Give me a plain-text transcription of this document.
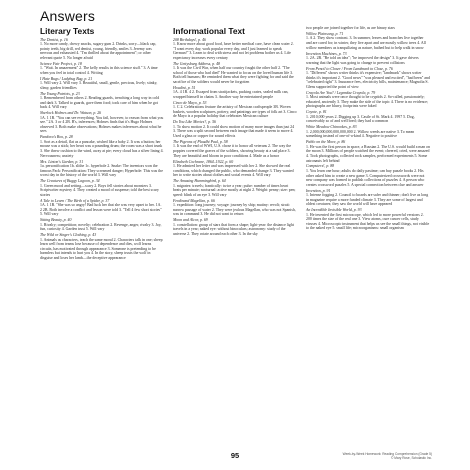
Answers
Literary Texts
The Dentist, p. 16
1. No more candy, chewy snacks, sugary gum 2. Drinks, sorry—black cap, pointy teeth, big drill, red dentist, young, friendly, smiles 3. Jeremy was nervous and exhausted 4. "I'm thrilled about the appointment"; or other relevant quote 5. No longer afraid
Science Fair Project, p. 18
1. "Wait. In amazement" 2. The kelly results in this science stuff." 3. A time when you feel in total control 4. Writing
I Hate Bugs / Ladybug Bug, p. 21
1. Will vary 2. Will vary 3. Beautiful, small, gentle, precious, lively; stinky, slimy, garden friendlies
The Young Patriots, p. 23
1. Remembered from others 2. Reading guards, trenching a long way in cold and dark 3. Talked to guards, gave them food; took care of him when he got back 4. Will vary
Sherlock Holmes and Dr. Watson, p. 26
1A. 1 1B. "You can see everything. You fail, however, to reason from what you see." 2A. 3 or 4 2B. B's, inferences; Holmes finds that it's Hugo Holmes observed 3. Both make observations; Holmes makes inferences about what he sees
Pandora's Box, p. 28
1. Sort as a detail, flat as a pancake, wished like a baby 2. It was a button; her mouse was a stick; her heart was a pounding drum; the room was a short trunk 3. She threw cushion to the wind, away at pie; every cloud has a silver lining 4. Nervousness; anxiety
Mrs. Linton's Garden, p. 31
1a. personification 1b. slithe 1c. hyperbole 2. Snake: The inventors won the famous Pack: Personification: They screamed danger; Hyperbole: This was the worst day in the history of the world 3. Will vary
The Creatures of Buggy Lagoon, p. 34
1. Green mood and setting—scary 2. Boys fell stories about monsters 3. Scriptwriter mystery 4. They created a mood of suspense; told the best scary stories
A Tale to Learn / The Birth of a Spider, p. 37
1A. 1 1B. "She was so angry! Bad luck her that she was very upset to her. 1A. 2 2B. Both involve a conflict and lesson were told 3. "Tell 4 few short stories" 5. Will vary
Sitting Beauty, p. 40
1. Rivalry; competition; novelty; celebration 2. Revenge, anger, rivalry 3. Joy, fun, curiosity 4. Garden trust 5. Will vary
The Wild or Singer's Clothing, p. 43
1. Animals as characters, teach the same moral 2. Characters talk in one; sheep learn well from teams lose because of dependence and dies, wolf learns circuits, has motivated through appearance 3. Someone is pretending to be harmless but intends to hurt you 4. In the story, sheep trusts the wolf in disguise and loses her lamb—the deceptive appearance
Informational Text
208 Birthdays!, p. 46
1. Know more about good food, have better medical care, have clean water 2. "I want every day, work popular every day, and I just learned to speak German!" 3. Learn to deal with stress and not let problems bother us 4. Life expectancy increases every century
The Gettysburg Address, p. 48
1. It was the Civil War, when half our country fought the other half 2. "The school of those who had died" He wanted to focus on the loved human life 3. Both tell humans; He reminded them what they were fighting for and said the sacrifice of the soldiers would never be forgotten
Houdini, p. 51
1A. 4 1B. 4 2. Escaped from straitjackets, packing crates, sealed milk can, wrapped himself in chains 3. Another way he entertained people
Cinco de Mayo, p. 53
1. C 2. Celebrations feature the artistry of Mexican craftspeople 3B. Woven baskets, wooden sculptures, pottery, and paintings are types of folk art 3. Cinco de Mayo is a popular holiday that celebrates Mexican culture
Do You Like Movies?, p. 56
1. To show motion 2. It could show motion of many more images than just 24 3. There was a split second between each image that made it seem to move 4. Used a glass or copper for sound effects
The Pigeons of Plaudhi Paul, p. 58
1. It was the end of WWI, U.S. chose it to honor all veterans 2. The way the poppies covered the graves of the soldiers, showing beauty at a sad place 3. They are beautiful and bloom in poor conditions 4. Made as a honor
Elizabeth Cochrane, 1864–1922, p. 60
1. He admired her letter and was impressed with her 2. She showed the real conditions, which changed the public, who demanded change 3. They wanted her to write stories about clothes and social events 4. Will vary
The Amazing Hummingbird, p. 64
1. migrates: travels; frantically: twice a year; pulse: number of times heart beats per minute; nocturnal: active mostly at night 2. Weight: penny; size: pen; speed: blink of an eye 3. Will vary
Ferdinand Magellan, p. 66
1. expedition: long journey; voyage: journey by ship; mutiny: revolt; strait: narrow passage of water 2. They were jealous Magellan, who was not Spanish, was in command 3. He did not want to return
Moon and Alcor, p. 69
1. constellation: group of stars that form a shape; light-year: the distance light travels in a year; naked eye: without binoculars; astronomy: study of the universe 2. They rotate around each other 3. In the sky
two people are joined together for life, as are binary stars
Willow Plainsong, p. 71
1. A 2. They show contrast. 3. In summer, leaves and branches live together and are cared for; in winter, they live apart and are mostly willow trees 4. All willow members as tranquilizing as nature, bathed but to help walk in snow
Invention Machines, p. 73
1. 2A. 2B. "Be told an idea"; "he improved the design" 3. It gave drivers warning that the light was going to change to prevent collisions
From Pencil to Closer / From Landmark to Close, p. 76
1. "Different" shows writer thinks it's expensive; "landmark" shows writer thinks it's important 2. "Good news" "was pleased and excited", "had been" and "celebrated right" 3. Insurance fees, electricity bills, maintenance; Magnolia S. Glens supported the point of view
Crayola Are You? / Legendaz Crayola, p. 79
1. Most animals were once thought to be cryptids 2. So-called, passionately; educated, anciently 3. They make the side of the topic 4. There is no evidence; photographs are blurry, footprints were faked
Coyote, p. 81
1. 2010,000 years 2. Digging up 3. Castle of St. Mark 4. 1997 5. Dog, conceivably so of and well bred; they had a common
White Meadow Chinookes, p. 83
1. 2,000,000,000,000,000,000 2. Willow weeds are native 3. To mean something instead of one-of-a-kind 4. Negative to positive
Pablo on the Move, p. 86
1. He was the first person in space, a Russian 2. The U.S. would build a man on the moon 3. Millions of people watched the event; cheered, cried, were amazed 4. Took photographs, collected rock samples, performed experiments 5. Some astronauts left behind
Computers!, p. 88
1. You learn one hour; adults do daily pastime; can buy puzzle books 2. His other asked him to create a new game 3. Computerized crosswords were not new company was formed to publish collections of puzzles 4. A person who creates crossword puzzles 5. A special connection between clue and answer
Invention, p. 91
1. Intense fogging 2. Council to boards are safer and thinner; don't live as long in magazine require a more funded climate 3. They are some of largest and oldest creatures; they saw the world will have appeared
An Incredible Invisible World, p. 93
1. He invented the first microscope, which led to more powerful versions 2. 200 times the size of the real one 3. View atoms, cure cancer cells, study viruses 4. Microscopic instrument that helps us see the small things, not visible to the naked eye 5. small life; microorganisms: small organism
95	Week-by-Week Homework: Reading Comprehension (Grade 5)
© Mary Rose, Scholastic Inc.
